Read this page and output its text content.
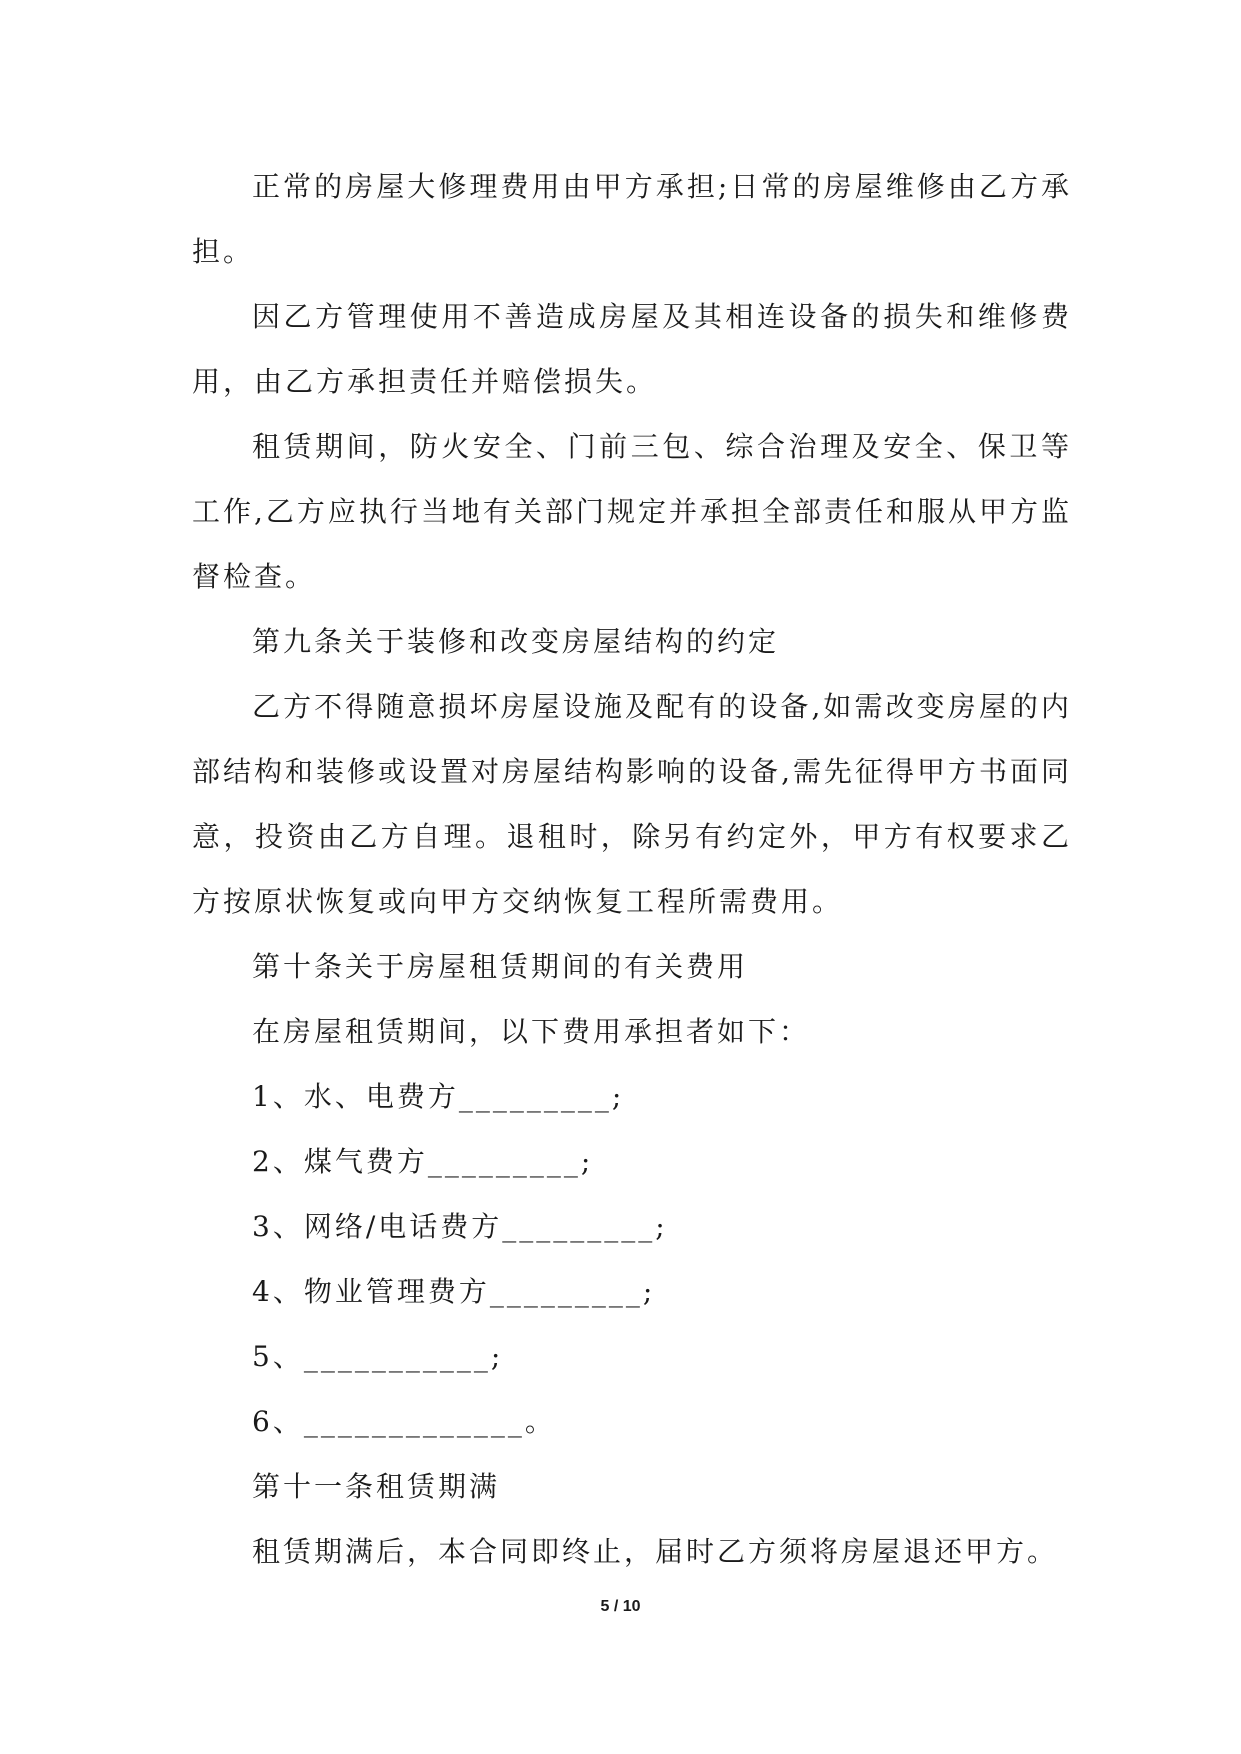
正常的房屋大修理费用由甲方承担;日常的房屋维修由乙方承担。

因乙方管理使用不善造成房屋及其相连设备的损失和维修费用，由乙方承担责任并赔偿损失。

租赁期间，防火安全、门前三包、综合治理及安全、保卫等工作,乙方应执行当地有关部门规定并承担全部责任和服从甲方监督检查。

第九条关于装修和改变房屋结构的约定

乙方不得随意损坏房屋设施及配有的设备,如需改变房屋的内部结构和装修或设置对房屋结构影响的设备,需先征得甲方书面同意，投资由乙方自理。退租时，除另有约定外，甲方有权要求乙方按原状恢复或向甲方交纳恢复工程所需费用。

第十条关于房屋租赁期间的有关费用

在房屋租赁期间，以下费用承担者如下：

1、水、电费方_________;

2、煤气费方_________;

3、网络/电话费方_________;

4、物业管理费方_________;

5、___________;

6、_____________。

第十一条租赁期满

租赁期满后，本合同即终止，届时乙方须将房屋退还甲方。

5 / 10
